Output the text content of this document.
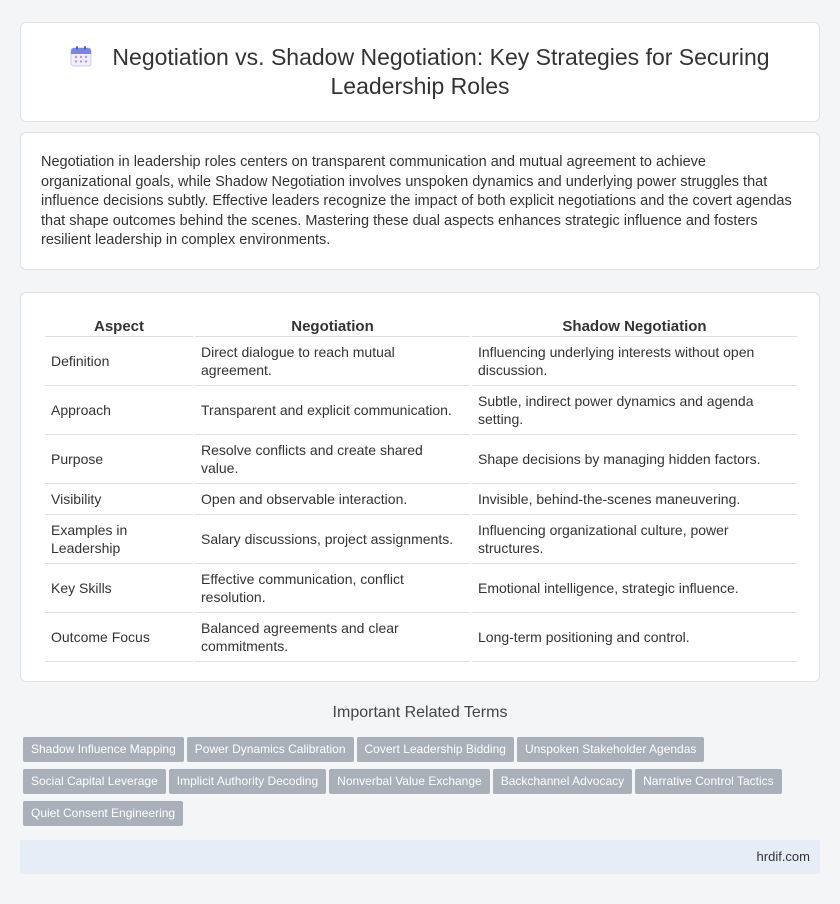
Negotiation vs. Shadow Negotiation: Key Strategies for Securing Leadership Roles

Negotiation in leadership roles centers on transparent communication and mutual agreement to achieve organizational goals, while Shadow Negotiation involves unspoken dynamics and underlying power struggles that influence decisions subtly. Effective leaders recognize the impact of both explicit negotiations and the covert agendas that shape outcomes behind the scenes. Mastering these dual aspects enhances strategic influence and fosters resilient leadership in complex environments.

Aspect	Negotiation	Shadow Negotiation
Definition	Direct dialogue to reach mutual agreement.	Influencing underlying interests without open discussion.
Approach	Transparent and explicit communication.	Subtle, indirect power dynamics and agenda setting.
Purpose	Resolve conflicts and create shared value.	Shape decisions by managing hidden factors.
Visibility	Open and observable interaction.	Invisible, behind-the-scenes maneuvering.
Examples in Leadership	Salary discussions, project assignments.	Influencing organizational culture, power structures.
Key Skills	Effective communication, conflict resolution.	Emotional intelligence, strategic influence.
Outcome Focus	Balanced agreements and clear commitments.	Long-term positioning and control.
Important Related Terms
Shadow Influence Mapping Power Dynamics Calibration Covert Leadership Bidding Unspoken Stakeholder Agendas
Social Capital Leverage Implicit Authority Decoding Nonverbal Value Exchange Backchannel Advocacy Narrative Control Tactics
Quiet Consent Engineering
hrdif.com
